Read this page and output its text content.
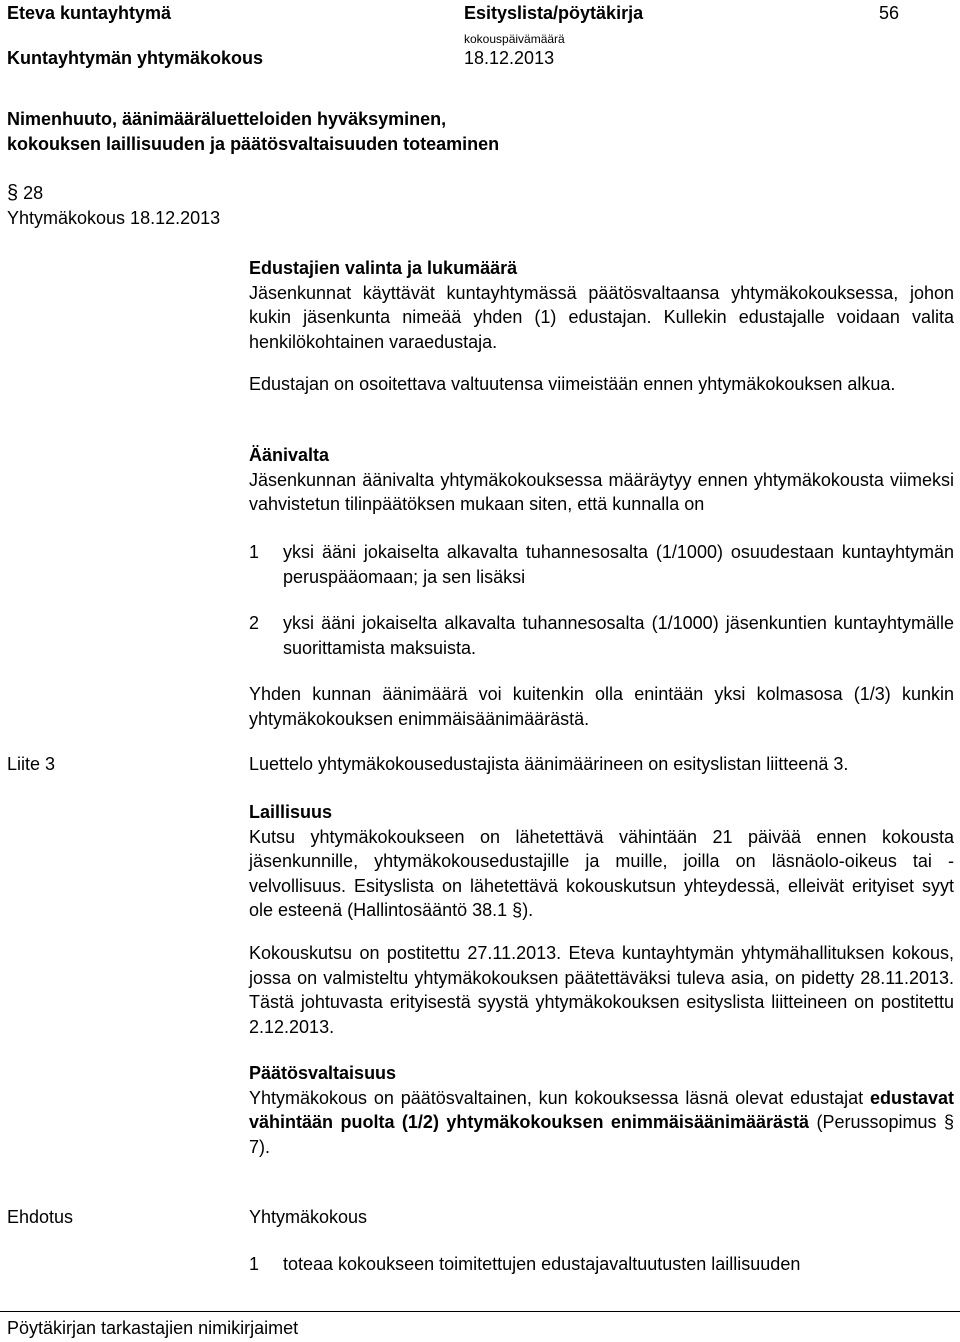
Eteva kuntayhtymä	Esityslista/pöytäkirja	56
Kuntayhtymän yhtymäkokous
kokouspäivämäärä
18.12.2013
Nimenhuuto, äänimääräluetteloiden hyväksyminen,
kokouksen laillisuuden ja päätösvaltaisuuden toteaminen
§ 28
Yhtymäkokous 18.12.2013

Edustajien valinta ja lukumäärä

Jäsenkunnat käyttävät kuntayhtymässä päätösvaltaansa yhtymäkokouksessa, johon kukin jäsenkunta nimeää yhden (1) edustajan. Kullekin edustajalle voidaan valita henkilökohtainen varaedustaja.

Edustajan on osoitettava valtuutensa viimeistään ennen yhtymäkokouksen alkua.

Äänivalta

Jäsenkunnan äänivalta yhtymäkokouksessa määräytyy ennen yhtymäkokousta viimeksi vahvistetun tilinpäätöksen mukaan siten, että kunnalla on

1 yksi ääni jokaiselta alkavalta tuhannesosalta (1/1000) osuudestaan kuntayhtymän peruspääomaan; ja sen lisäksi
2 yksi ääni jokaiselta alkavalta tuhannesosalta (1/1000) jäsenkuntien kuntayhtymälle suorittamista maksuista.

Yhden kunnan äänimäärä voi kuitenkin olla enintään yksi kolmasosa (1/3) kunkin yhtymäkokouksen enimmäisäänimäärästä.

Liite 3	Luettelo yhtymäkokousedustajista äänimäärineen on esityslistan liitteenä 3.

Laillisuus

Kutsu yhtymäkokoukseen on lähetettävä vähintään 21 päivää ennen kokousta jäsenkunnille, yhtymäkokousedustajille ja muille, joilla on läsnäolo-oikeus tai -velvollisuus. Esityslista on lähetettävä kokouskutsun yhteydessä, elleivät erityiset syyt ole esteenä (Hallintosääntö 38.1 §).

Kokouskutsu on postitettu 27.11.2013. Eteva kuntayhtymän yhtymähallituksen kokous, jossa on valmisteltu yhtymäkokouksen päätettäväksi tuleva asia, on pidetty 28.11.2013. Tästä johtuvasta erityisestä syystä yhtymäkokouksen esityslista liitteineen on postitettu 2.12.2013.

Päätösvaltaisuus

Yhtymäkokous on päätösvaltainen, kun kokouksessa läsnä olevat edustajat edustavat vähintään puolta (1/2) yhtymäkokouksen enimmäisäänimäärästä (Perussopimus § 7).

Ehdotus	Yhtymäkokous
1 toteaa kokoukseen toimitettujen edustajavaltuutusten laillisuuden
Pöytäkirjan tarkastajien nimikirjaimet
